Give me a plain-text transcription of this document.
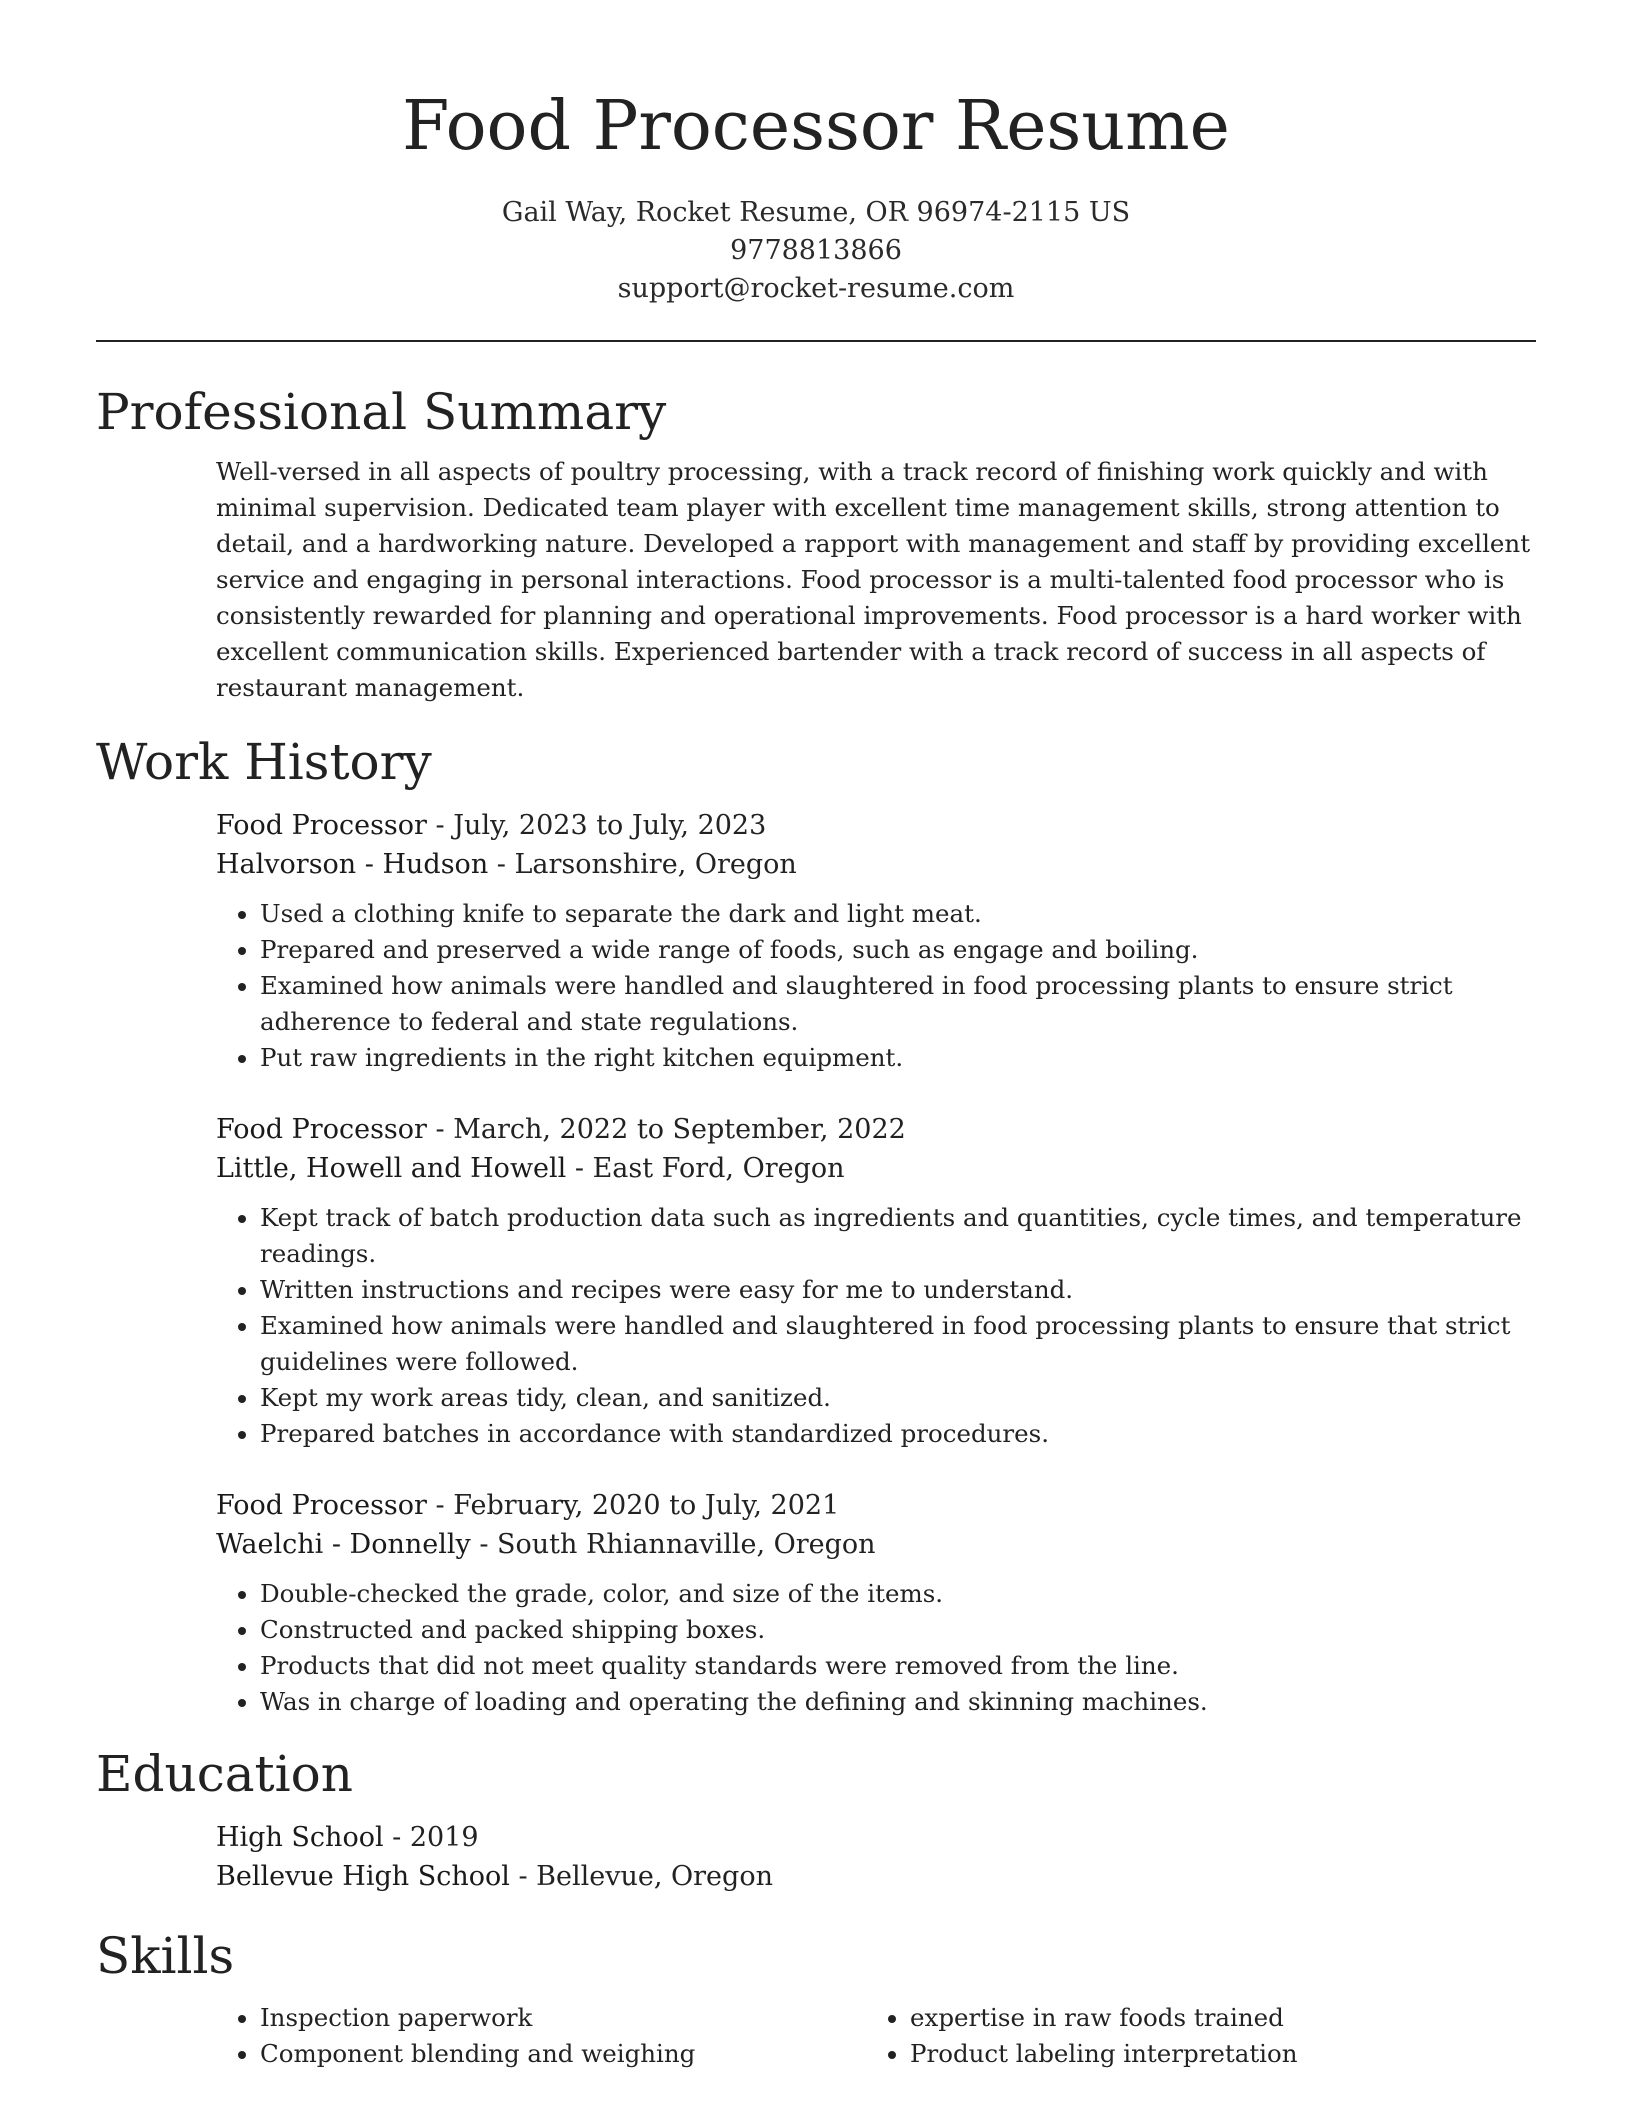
Food Processor Resume
Gail Way, Rocket Resume, OR 96974-2115 US
9778813866
support@rocket-resume.com
Professional Summary
Well-versed in all aspects of poultry processing, with a track record of finishing work quickly and with minimal supervision. Dedicated team player with excellent time management skills, strong attention to detail, and a hardworking nature. Developed a rapport with management and staff by providing excellent service and engaging in personal interactions. Food processor is a multi-talented food processor who is consistently rewarded for planning and operational improvements. Food processor is a hard worker with excellent communication skills. Experienced bartender with a track record of success in all aspects of restaurant management.
Work History
Food Processor - July, 2023 to July, 2023
Halvorson - Hudson - Larsonshire, Oregon
• Used a clothing knife to separate the dark and light meat.
• Prepared and preserved a wide range of foods, such as engage and boiling.
• Examined how animals were handled and slaughtered in food processing plants to ensure strict adherence to federal and state regulations.
• Put raw ingredients in the right kitchen equipment.
Food Processor - March, 2022 to September, 2022
Little, Howell and Howell - East Ford, Oregon
• Kept track of batch production data such as ingredients and quantities, cycle times, and temperature readings.
• Written instructions and recipes were easy for me to understand.
• Examined how animals were handled and slaughtered in food processing plants to ensure that strict guidelines were followed.
• Kept my work areas tidy, clean, and sanitized.
• Prepared batches in accordance with standardized procedures.
Food Processor - February, 2020 to July, 2021
Waelchi - Donnelly - South Rhiannaville, Oregon
• Double-checked the grade, color, and size of the items.
• Constructed and packed shipping boxes.
• Products that did not meet quality standards were removed from the line.
• Was in charge of loading and operating the defining and skinning machines.
Education
High School - 2019
Bellevue High School - Bellevue, Oregon
Skills
• Inspection paperwork
• Component blending and weighing
• expertise in raw foods trained
• Product labeling interpretation
